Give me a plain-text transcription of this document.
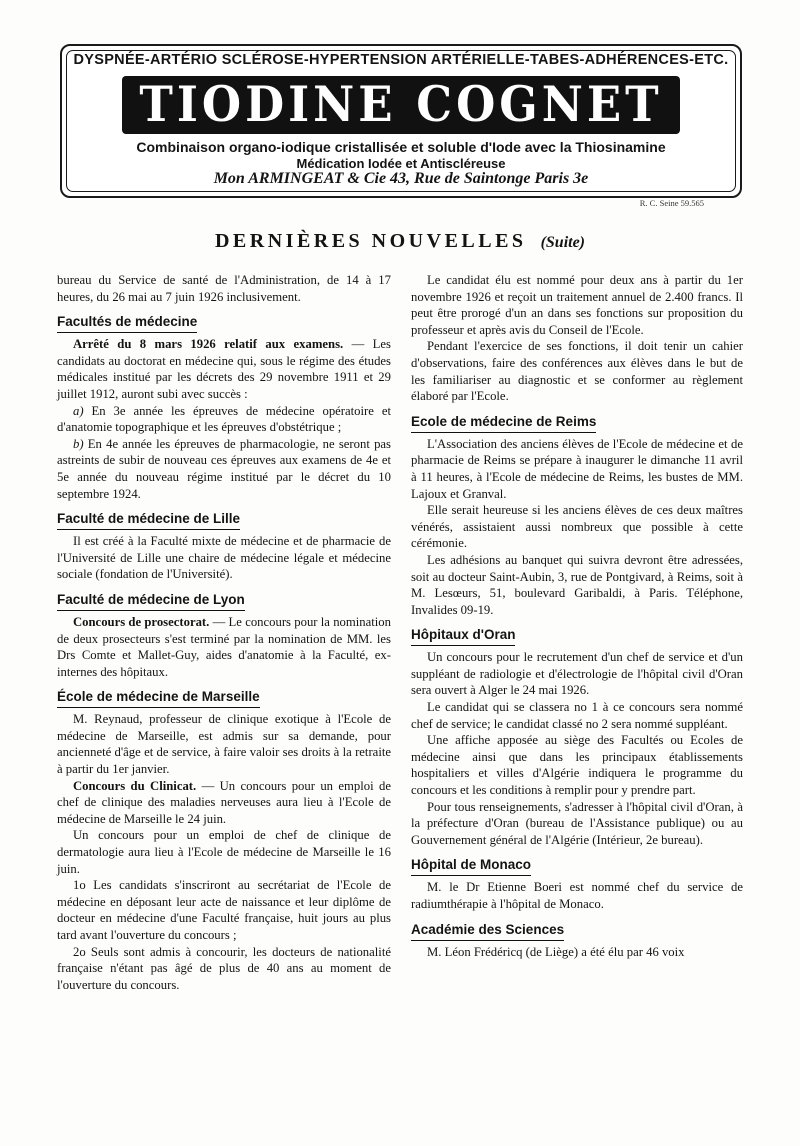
DYSPNÉE-ARTÉRIO SCLÉROSE-HYPERTENSION ARTÉRIELLE-TABES-ADHÉRENCES-ETC.
TIODINE COGNET
Combinaison organo-iodique cristallisée et soluble d'Iode avec la Thiosinamine
Médication Iodée et Antiscléreuse
Mon ARMINGEAT & Cie 43, Rue de Saintonge Paris 3e
R. C. Seine 59.565
DERNIÈRES NOUVELLES (Suite)

bureau du Service de santé de l'Administration, de 14 à 17 heures, du 26 mai au 7 juin 1926 inclusivement.

Facultés de médecine

Arrêté du 8 mars 1926 relatif aux examens. — Les candidats au doctorat en médecine qui, sous le régime des études médicales institué par les décrets des 29 novembre 1911 et 29 juillet 1912, auront subi avec succès :

a) En 3e année les épreuves de médecine opératoire et d'anatomie topographique et les épreuves d'obstétrique ;

b) En 4e année les épreuves de pharmacologie, ne seront pas astreints de subir de nouveau ces épreuves aux examens de 4e et 5e année du nouveau régime institué par le décret du 10 septembre 1924.

Faculté de médecine de Lille

Il est créé à la Faculté mixte de médecine et de pharmacie de l'Université de Lille une chaire de médecine légale et médecine sociale (fondation de l'Université).

Faculté de médecine de Lyon

Concours de prosectorat. — Le concours pour la nomination de deux prosecteurs s'est terminé par la nomination de MM. les Drs Comte et Mallet-Guy, aides d'anatomie à la Faculté, ex-internes des hôpitaux.

École de médecine de Marseille

M. Reynaud, professeur de clinique exotique à l'Ecole de médecine de Marseille, est admis sur sa demande, pour ancienneté d'âge et de service, à faire valoir ses droits à la retraite à partir du 1er janvier.

Concours du Clinicat. — Un concours pour un emploi de chef de clinique des maladies nerveuses aura lieu à l'Ecole de médecine de Marseille le 24 juin.

Un concours pour un emploi de chef de clinique de dermatologie aura lieu à l'Ecole de médecine de Marseille le 16 juin.

1o Les candidats s'inscriront au secrétariat de l'Ecole de médecine en déposant leur acte de naissance et leur diplôme de docteur en médecine d'une Faculté française, huit jours au plus tard avant l'ouverture du concours ;

2o Seuls sont admis à concourir, les docteurs de nationalité française n'étant pas âgé de plus de 40 ans au moment de l'ouverture du concours.

Le candidat élu est nommé pour deux ans à partir du 1er novembre 1926 et reçoit un traitement annuel de 2.400 francs. Il peut être prorogé d'un an dans ses fonctions sur proposition du professeur et après avis du Conseil de l'Ecole.

Pendant l'exercice de ses fonctions, il doit tenir un cahier d'observations, faire des conférences aux élèves dans le but de les familiariser au diagnostic et se conformer au règlement élaboré par l'Ecole.

Ecole de médecine de Reims

L'Association des anciens élèves de l'Ecole de médecine et de pharmacie de Reims se prépare à inaugurer le dimanche 11 avril à 11 heures, à l'Ecole de médecine de Reims, les bustes de MM. Lajoux et Granval.

Elle serait heureuse si les anciens élèves de ces deux maîtres vénérés, assistaient aussi nombreux que possible à cette cérémonie.

Les adhésions au banquet qui suivra devront être adressées, soit au docteur Saint-Aubin, 3, rue de Pontgivard, à Reims, soit à M. Lesœurs, 51, boulevard Garibaldi, à Paris. Téléphone, Invalides 09-19.

Hôpitaux d'Oran

Un concours pour le recrutement d'un chef de service et d'un suppléant de radiologie et d'électrologie de l'hôpital civil d'Oran sera ouvert à Alger le 24 mai 1926.

Le candidat qui se classera no 1 à ce concours sera nommé chef de service; le candidat classé no 2 sera nommé suppléant.

Une affiche apposée au siège des Facultés ou Ecoles de médecine ainsi que dans les principaux établissements hospitaliers et villes d'Algérie indiquera le programme du concours et les conditions à remplir pour y prendre part.

Pour tous renseignements, s'adresser à l'hôpital civil d'Oran, à la préfecture d'Oran (bureau de l'Assistance publique) ou au Gouvernement général de l'Algérie (Intérieur, 2e bureau).

Hôpital de Monaco

M. le Dr Etienne Boeri est nommé chef du service de radiumthérapie à l'hôpital de Monaco.

Académie des Sciences

M. Léon Frédéricq (de Liège) a été élu par 46 voix
